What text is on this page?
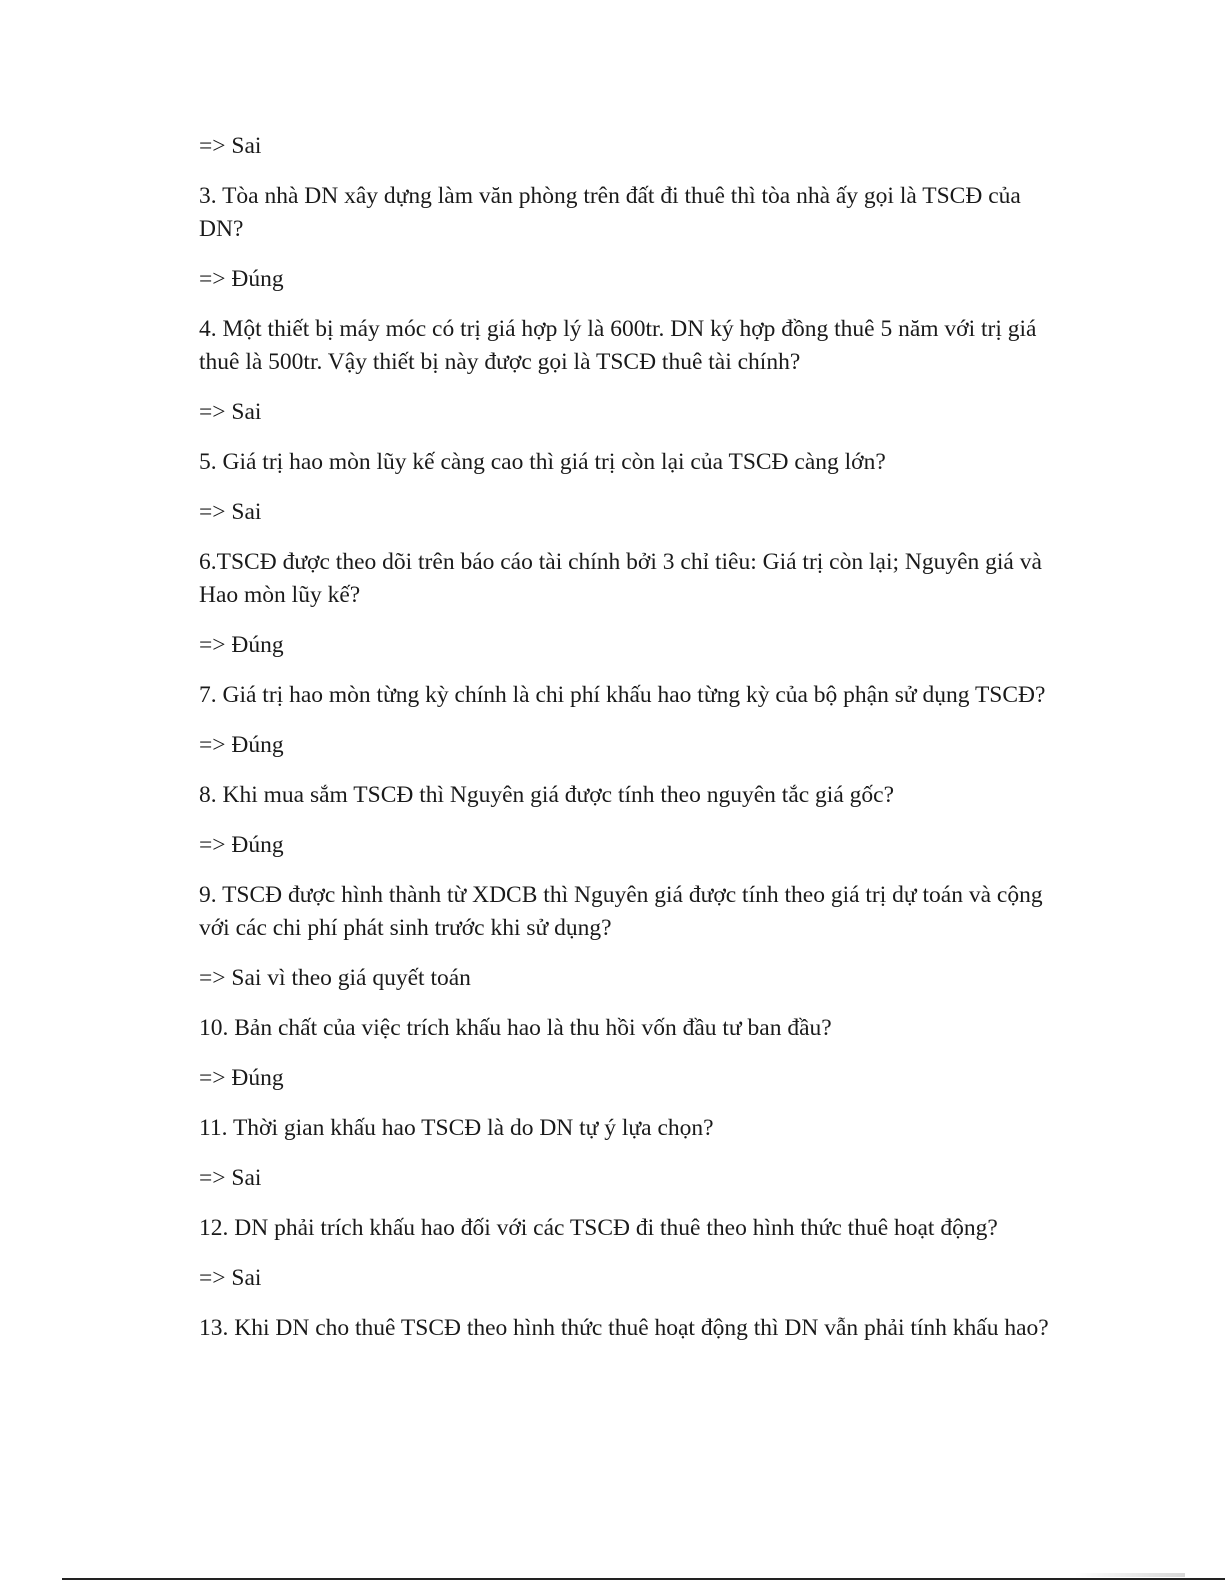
=> Sai

3. Tòa nhà DN xây dựng làm văn phòng trên đất đi thuê thì tòa nhà ấy gọi là TSCĐ của DN?

=> Đúng

4. Một thiết bị máy móc có trị giá hợp lý là 600tr. DN ký hợp đồng thuê 5 năm với trị giá thuê là 500tr. Vậy thiết bị này được gọi là TSCĐ thuê tài chính?

=> Sai

5. Giá trị hao mòn lũy kế càng cao thì giá trị còn lại của TSCĐ càng lớn?

=> Sai

6.TSCĐ được theo dõi trên báo cáo tài chính bởi 3 chỉ tiêu: Giá trị còn lại; Nguyên giá và Hao mòn lũy kế?

=> Đúng

7. Giá trị hao mòn từng kỳ chính là chi phí khấu hao từng kỳ của bộ phận sử dụng TSCĐ?

=> Đúng

8. Khi mua sắm TSCĐ thì Nguyên giá được tính theo nguyên tắc giá gốc?

=> Đúng

9. TSCĐ được hình thành từ XDCB thì Nguyên giá được tính theo giá trị dự toán và cộng với các chi phí phát sinh trước khi sử dụng?

=> Sai vì theo giá quyết toán

10. Bản chất của việc trích khấu hao là thu hồi vốn đầu tư ban đầu?

=> Đúng

11. Thời gian khấu hao TSCĐ là do DN tự ý lựa chọn?

=> Sai

12. DN phải trích khấu hao đối với các TSCĐ đi thuê theo hình thức thuê hoạt động?

=> Sai

13. Khi DN cho thuê TSCĐ theo hình thức thuê hoạt động thì DN vẫn phải tính khấu hao?
